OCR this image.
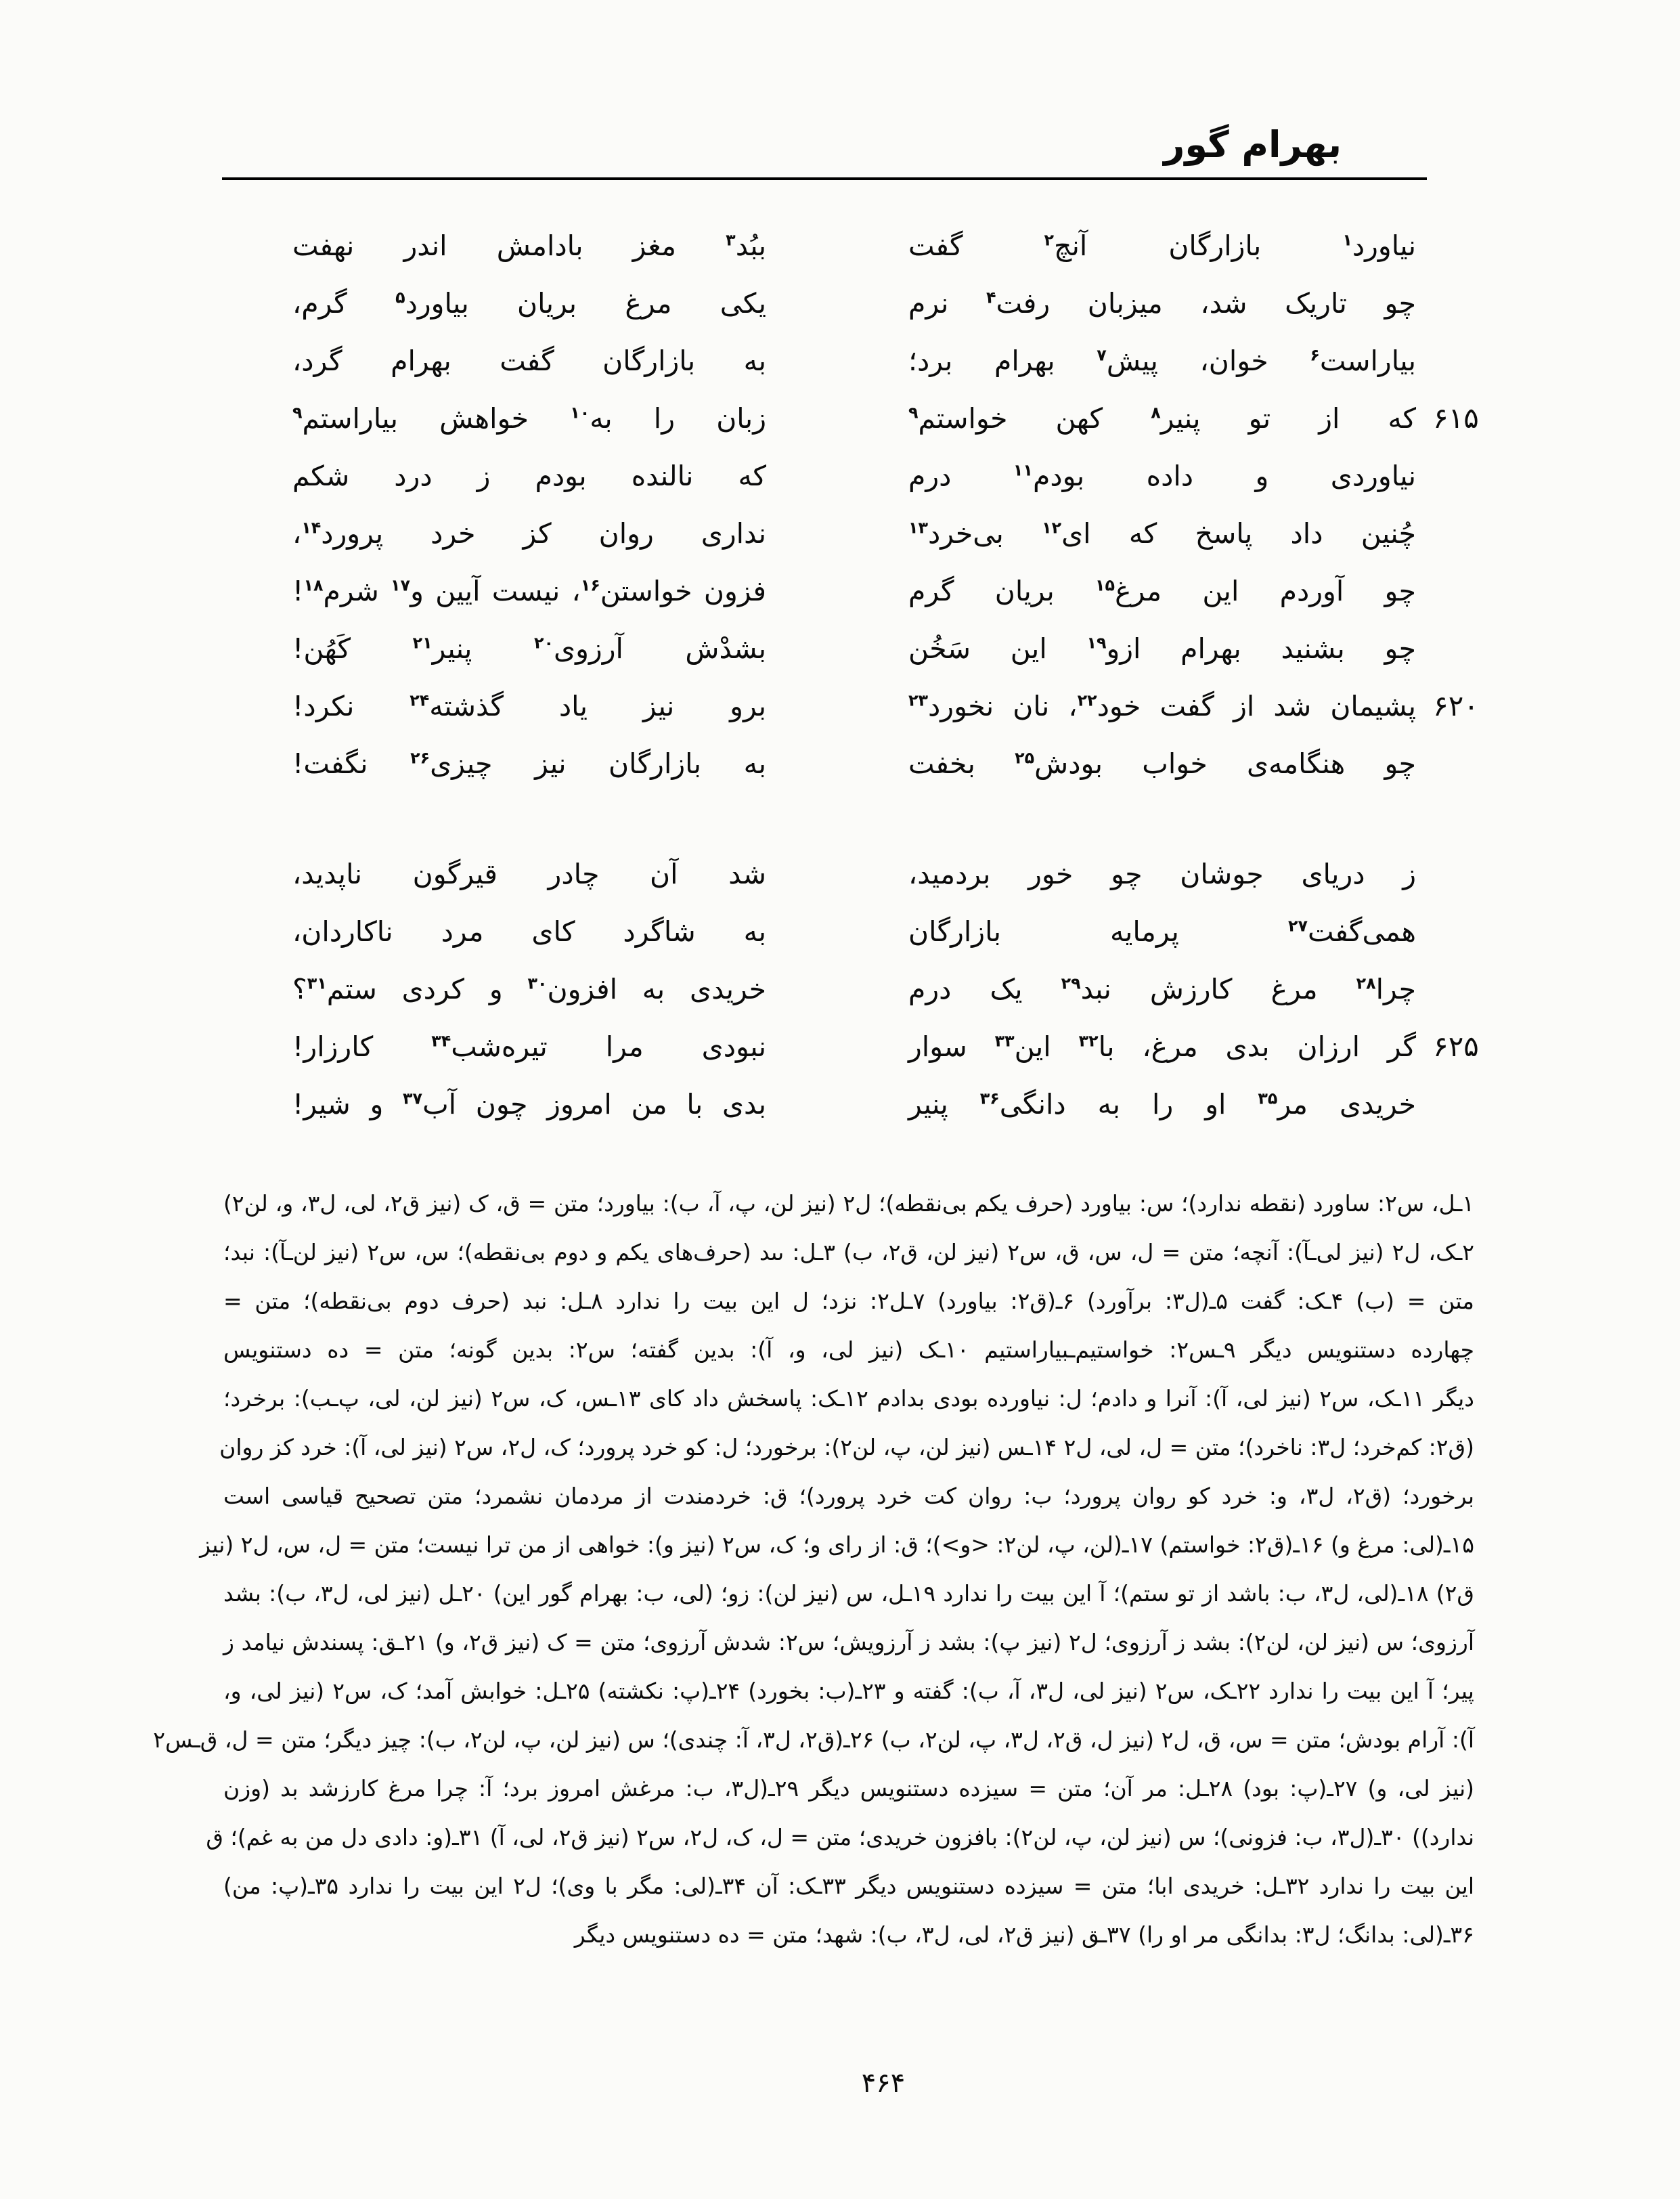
بهرام گور
نیاورد$^۱$ بازارگان آنچ$^۲$ گفت
ببُد$^۳$ مغز بادامش اندر نهفت
چو تاریک شد، میزبان رفت$^۴$ نرم
یکی مرغ بریان بیاورد$^۵$ گرم،
بیاراست$^۶$ خوان، پیش$^۷$ بهرام برد؛
به بازارگان گفت بهرام گرد،
۶۱۵
که از تو پنیر$^۸$ کهن خواستم$^۹$
زبان را به$^{۱۰}$ خواهش بیاراستم$^۹$
نیاوردی و داده بودم$^{۱۱}$ درم
که نالنده بودم ز درد شکم
چُنین داد پاسخ که ای$^{۱۲}$ بی‌خرد$^{۱۳}$
نداری روان کز خرد پرورد$^{۱۴}$،
چو آوردم این مرغ$^{۱۵}$ بریان گرم
فزون خواستن$^{۱۶}$، نیست آیین و$^{۱۷}$ شرم$^{۱۸}$!
چو بشنید بهرام ازو$^{۱۹}$ این سَخُن
بشدْش آرزوی$^{۲۰}$ پنیر$^{۲۱}$ کَهُن!
۶۲۰
پشیمان شد از گفت خود$^{۲۲}$، نان نخورد$^{۲۳}$
برو نیز یاد گذشته$^{۲۴}$ نکرد!
چو هنگامه‌ی خواب بودش$^{۲۵}$ بخفت
به بازارگان نیز چیزی$^{۲۶}$ نگفت!
ز دریای جوشان چو خور بردمید،
شد آن چادر قیرگون ناپدید،
همی‌گفت$^{۲۷}$ پرمایه بازارگان
به شاگرد کای مرد ناکاردان،
چرا$^{۲۸}$ مرغ کارزش نبد$^{۲۹}$ یک درم
خریدی به افزون$^{۳۰}$ و کردی ستم$^{۳۱}$؟
۶۲۵
گر ارزان بدی مرغ، با$^{۳۲}$ این$^{۳۳}$ سوار
نبودی مرا تیره‌شب$^{۳۴}$ کارزار!
خریدی مر$^{۳۵}$ او را به دانگی$^{۳۶}$ پنیر
بدی با من امروز چون آب$^{۳۷}$ و شیر!
۱ـل، س۲: ساورد (نقطه ندارد)؛ س: بیاورد (حرف یکم بی‌نقطه)؛ ل۲ (نیز لن، پ، آ، ب): بیاورد؛ متن = ق، ک (نیز ق۲، لی، ل۳، و، لن۲)
۲ـک، ل۲ (نیز لی‌ـآ): آنچه؛ متن = ل، س، ق، س۲ (نیز لن، ق۲، ب) ۳ـل: ٮٮد (حرف‌های یکم و دوم بی‌نقطه)؛ س، س۲ (نیز لن‌ـآ): نبد؛
متن = (ب) ۴ـک: گفت ۵ـ(ل۳: برآورد) ۶ـ(ق۲: بیاورد) ۷ـل۲: نزد؛ ل این بیت را ندارد ۸ـل: نبد (حرف دوم بی‌نقطه)؛ متن =
چهارده دستنویس دیگر ۹ـس۲: خواستیم‌ـبیاراستیم ۱۰ـک (نیز لی، و، آ): بدین گفته؛ س۲: بدین گونه؛ متن = ده دستنویس
دیگر ۱۱ـک، س۲ (نیز لی، آ): آنرا و دادم؛ ل: نیاورده بودی بدادم ۱۲ـک: پاسخش داد کای ۱۳ـس، ک، س۲ (نیز لن، لی، پ‌ـب): برخرد؛
(ق۲: کم‌خرد؛ ل۳: ناخرد)؛ متن = ل، لی، ل۲ ۱۴ـس (نیز لن، پ، لن۲): برخورد؛ ل: کو خرد پرورد؛ ک، ل۲، س۲ (نیز لی، آ): خرد کز روان
برخورد؛ (ق۲، ل۳، و: خرد کو روان پرورد؛ ب: روان کت خرد پرورد)؛ ق: خردمندت از مردمان نشمرد؛ متن تصحیح قیاسی است
۱۵ـ(لی: مرغ و) ۱۶ـ(ق۲: خواستم) ۱۷ـ(لن، پ، لن۲: <و>)؛ ق: از رای و؛ ک، س۲ (نیز و): خواهی از من ترا نیست؛ متن = ل، س، ل۲ (نیز
ق۲) ۱۸ـ(لی، ل۳، ب: باشد از تو ستم)؛ آ این بیت را ندارد ۱۹ـل، س (نیز لن): زو؛ (لی، ب: بهرام گور این) ۲۰ـل (نیز لی، ل۳، ب): بشد
آرزوی؛ س (نیز لن، لن۲): بشد ز آرزوی؛ ل۲ (نیز پ): بشد ز آرزویش؛ س۲: شدش آرزوی؛ متن = ک (نیز ق۲، و) ۲۱ـق: پسندش نیامد ز
پیر؛ آ این بیت را ندارد ۲۲ـک، س۲ (نیز لی، ل۳، آ، ب): گفته و ۲۳ـ(ب: بخورد) ۲۴ـ(پ: نکشته) ۲۵ـل: خوابش آمد؛ ک، س۲ (نیز لی، و،
آ): آرام بودش؛ متن = س، ق، ل۲ (نیز ل، ق۲، ل۳، پ، لن۲، ب) ۲۶ـ(ق۲، ل۳، آ: چندی)؛ س (نیز لن، پ، لن۲، ب): چیز دیگر؛ متن = ل، ق‌ـس۲
(نیز لی، و) ۲۷ـ(پ: بود) ۲۸ـل: مر آن؛ متن = سیزده دستنویس دیگر ۲۹ـ(ل۳، ب: مرغش امروز برد؛ آ: چرا مرغ کارزشد بد (وزن
ندارد)) ۳۰ـ(ل۳، ب: فزونی)؛ س (نیز لن، پ، لن۲): بافزون خریدی؛ متن = ل، ک، ل۲، س۲ (نیز ق۲، لی، آ) ۳۱ـ(و: دادی دل من به غم)؛ ق
این بیت را ندارد ۳۲ـل: خریدی ابا؛ متن = سیزده دستنویس دیگر ۳۳ـک: آن ۳۴ـ(لی: مگر با وی)؛ ل۲ این بیت را ندارد ۳۵ـ(پ: من)
۳۶ـ(لی: بدانگ؛ ل۳: بدانگی مر او را) ۳۷ـق (نیز ق۲، لی، ل۳، ب): شهد؛ متن = ده دستنویس دیگر
۴۶۴
